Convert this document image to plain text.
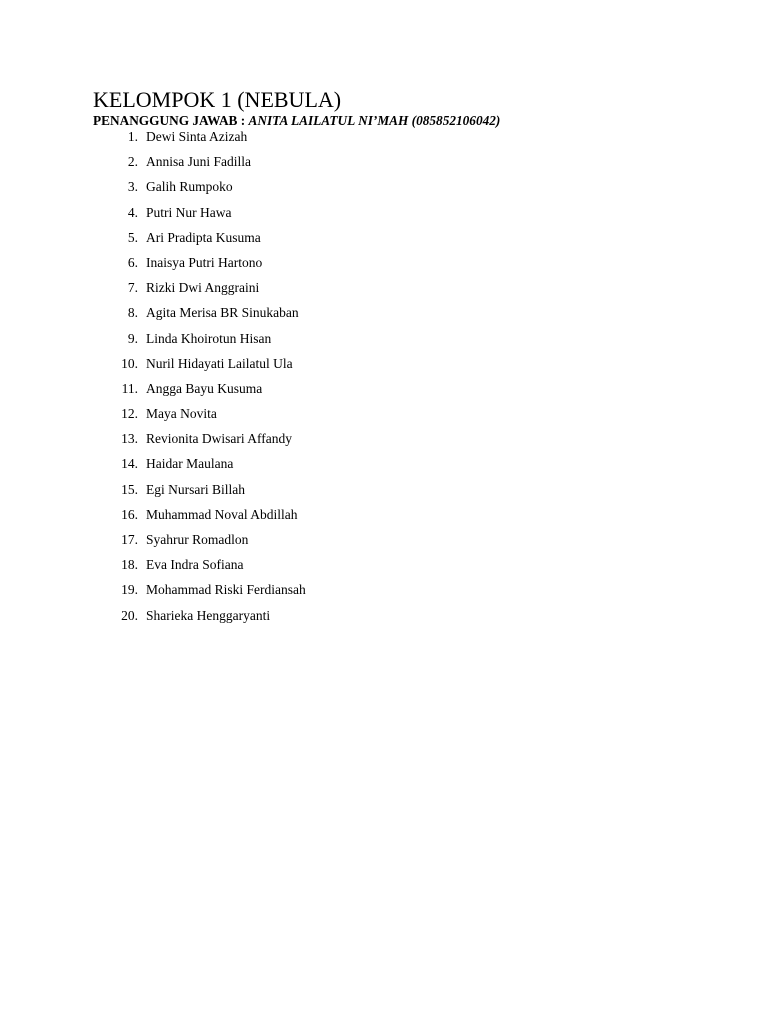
KELOMPOK 1 (NEBULA)

PENANGGUNG JAWAB : ANITA LAILATUL NI’MAH (085852106042)

1. Dewi Sinta Azizah
2. Annisa Juni Fadilla
3. Galih Rumpoko
4. Putri Nur Hawa
5. Ari Pradipta Kusuma
6. Inaisya Putri Hartono
7. Rizki Dwi Anggraini
8. Agita Merisa BR Sinukaban
9. Linda Khoirotun Hisan
10. Nuril Hidayati Lailatul Ula
11. Angga Bayu Kusuma
12. Maya Novita
13. Revionita Dwisari Affandy
14. Haidar Maulana
15. Egi Nursari Billah
16. Muhammad Noval Abdillah
17. Syahrur Romadlon
18. Eva Indra Sofiana
19. Mohammad Riski Ferdiansah
20. Sharieka Henggaryanti
